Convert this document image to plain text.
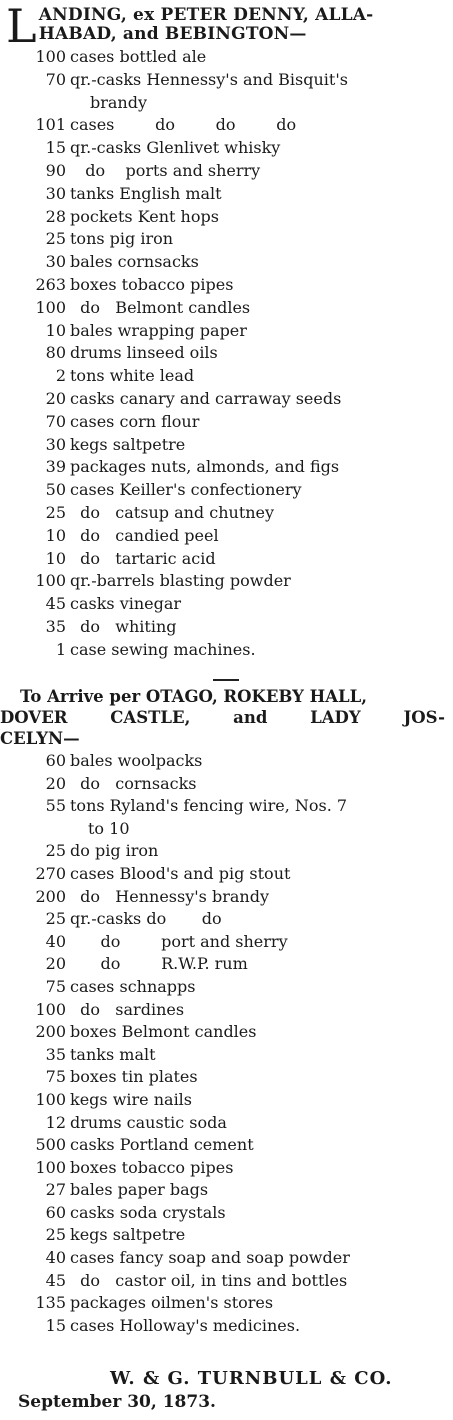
L ANDING, ex PETER DENNY, ALLA-
HABAD, and BEBINGTON—
100 cases bottled ale
70 qr.-casks Hennessy's and Bisquit's
brandy
101 cases        do        do        do
15 qr.-casks Glenlivet whisky
90 do    ports and sherry
30 tanks English malt
28 pockets Kent hops
25 tons pig iron
30 bales cornsacks
263 boxes tobacco pipes
100 do   Belmont candles
10 bales wrapping paper
80 drums linseed oils
2 tons white lead
20 casks canary and carraway seeds
70 cases corn flour
30 kegs saltpetre
39 packages nuts, almonds, and figs
50 cases Keiller's confectionery
25 do   catsup and chutney
10 do   candied peel
10 do   tartaric acid
100 qr.-barrels blasting powder
45 casks vinegar
35 do   whiting
1 case sewing machines.
To Arrive per OTAGO, ROKEBY HALL,
DOVER CASTLE, and LADY JOS-
CELYN—
60 bales woolpacks
20 do   cornsacks
55 tons Ryland's fencing wire, Nos. 7
to 10
25 do pig iron
270 cases Blood's and pig stout
200 do   Hennessy's brandy
25 qr.-casks do       do
40 do        port and sherry
20 do        R.W.P. rum
75 cases schnapps
100 do   sardines
200 boxes Belmont candles
35 tanks malt
75 boxes tin plates
100 kegs wire nails
12 drums caustic soda
500 casks Portland cement
100 boxes tobacco pipes
27 bales paper bags
60 casks soda crystals
25 kegs saltpetre
40 cases fancy soap and soap powder
45 do   castor oil, in tins and bottles
135 packages oilmen's stores
15 cases Holloway's medicines.
W. & G. TURNBULL & CO.
September 30, 1873.
